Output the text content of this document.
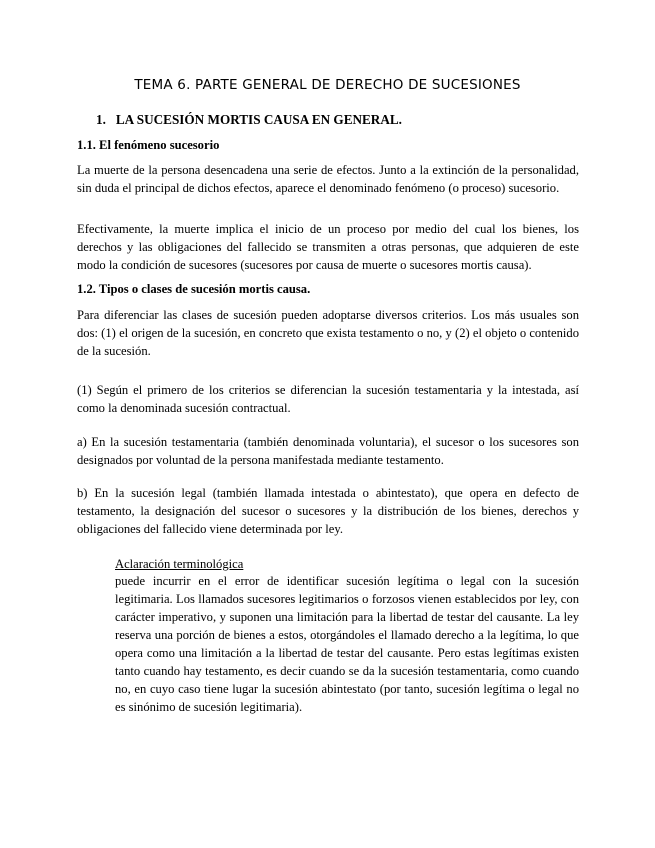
TEMA 6. PARTE GENERAL DE DERECHO DE SUCESIONES
1. LA SUCESIÓN MORTIS CAUSA EN GENERAL.
1.1. El fenómeno sucesorio
La muerte de la persona desencadena una serie de efectos. Junto a la extinción de la personalidad, sin duda el principal de dichos efectos, aparece el denominado fenómeno (o proceso) sucesorio.
Efectivamente, la muerte implica el inicio de un proceso por medio del cual los bienes, los derechos y las obligaciones del fallecido se transmiten a otras personas, que adquieren de este modo la condición de sucesores (sucesores por causa de muerte o sucesores mortis causa).
1.2. Tipos o clases de sucesión mortis causa.
Para diferenciar las clases de sucesión pueden adoptarse diversos criterios. Los más usuales son dos: (1) el origen de la sucesión, en concreto que exista testamento o no, y (2) el objeto o contenido de la sucesión.
(1) Según el primero de los criterios se diferencian la sucesión testamentaria y la intestada, así como la denominada sucesión contractual.
a) En la sucesión testamentaria (también denominada voluntaria), el sucesor o los sucesores son designados por voluntad de la persona manifestada mediante testamento.
b) En la sucesión legal (también llamada intestada o abintestato), que opera en defecto de testamento, la designación del sucesor o sucesores y la distribución de los bienes, derechos y obligaciones del fallecido viene determinada por ley.
Aclaración terminológica
puede incurrir en el error de identificar sucesión legítima o legal con la sucesión legitimaria. Los llamados sucesores legitimarios o forzosos vienen establecidos por ley, con carácter imperativo, y suponen una limitación para la libertad de testar del causante. La ley reserva una porción de bienes a estos, otorgándoles el llamado derecho a la legítima, lo que opera como una limitación a la libertad de testar del causante. Pero estas legítimas existen tanto cuando hay testamento, es decir cuando se da la sucesión testamentaria, como cuando no, en cuyo caso tiene lugar la sucesión abintestato (por tanto, sucesión legítima o legal no es sinónimo de sucesión legitimaria).
